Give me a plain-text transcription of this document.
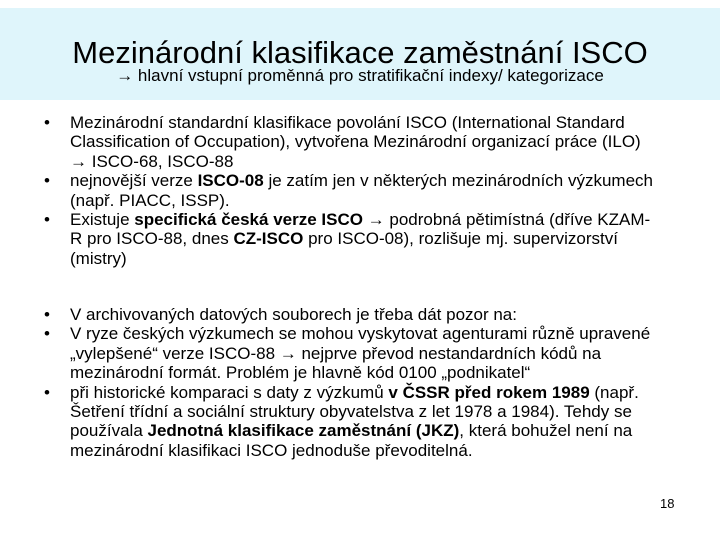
Mezinárodní klasifikace zaměstnání ISCO
→ hlavní vstupní proměnná pro stratifikační indexy/ kategorizace
• Mezinárodní standardní klasifikace povolání ISCO (International Standard Classification of Occupation), vytvořena Mezinárodní organizací práce (ILO) → ISCO-68, ISCO-88
• nejnovější verze ISCO-08 je zatím jen v některých mezinárodních výzkumech (např. PIACC, ISSP).
• Existuje specifická česká verze ISCO → podrobná pětimístná (dříve KZAM-R pro ISCO-88, dnes CZ-ISCO pro ISCO-08), rozlišuje mj. supervizorství (mistry)
• V archivovaných datových souborech je třeba dát pozor na:
• V ryze českých výzkumech se mohou vyskytovat agenturami různě upravené „vylepšené“ verze ISCO-88 → nejprve převod nestandardních kódů na mezinárodní formát. Problém je hlavně kód 0100 „podnikatel“
• při historické komparaci s daty z výzkumů v ČSSR před rokem 1989 (např. Šetření třídní a sociální struktury obyvatelstva z let 1978 a 1984). Tehdy se používala Jednotná klasifikace zaměstnání (JKZ), která bohužel není na mezinárodní klasifikaci ISCO jednoduše převoditelná.
18
